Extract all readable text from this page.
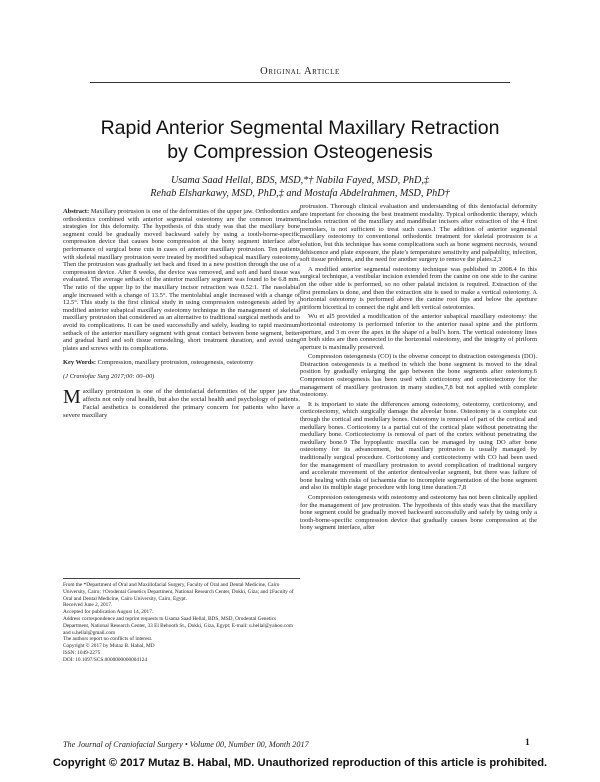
Original Article
Rapid Anterior Segmental Maxillary Retraction
by Compression Osteogenesis
Usama Saad Hellal, BDS, MSD,*† Nabila Fayed, MSD, PhD,‡
Rehab Elsharkawy, MSD, PhD,‡ and Mostafa Abdelrahmen, MSD, PhD†

Abstract: Maxillary protrusion is one of the deformities of the upper jaw. Orthodontics and orthodontics combined with anterior segmental osteotomy are the common treatment strategies for this deformity. The hypothesis of this study was that the maxillary bone segment could be gradually moved backward safely by using a tooth-borne-specific compression device that causes bone compression at the bony segment interface after performance of surgical bone cuts in cases of anterior maxillary protrusion. Ten patients with skeletal maxillary protrusion were treated by modified subapical maxillary osteotomy. Then the protrusion was gradually set back and fixed in a new position through the use of a compression device. After 8 weeks, the device was removed, and soft and hard tissue was evaluated. The average setback of the anterior maxillary segment was found to be 6.8 mm. The ratio of the upper lip to the maxillary incisor retraction was 0.52:1. The nasolabial angle increased with a change of 13.5°. The mentolabial angle increased with a change of 12.5°. This study is the first clinical study in using compression osteogenesis aided by a modified anterior subapical maxillary osteotomy technique in the management of skeletal maxillary protrusion that considered as an alternative to traditional surgical methods and to avoid its complications. It can be used successfully and safely, leading to rapid maximum setback of the anterior maxillary segment with great contact between bone segment, better and gradual hard and soft tissue remodeling, short treatment duration, and avoid using plates and screws with its complications.

Key Words: Compression, maxillary protrusion, osteogenesis, osteotomy
(J Craniofac Surg 2017;00: 00–00)
M axillary protrusion is one of the dentofacial deformities of the upper jaw that affects not only oral health, but also the social health and psychology of patients. Facial aesthetics is considered the primary concern for patients who have a severe maxillary
From the *Department of Oral and Maxillofacial Surgery, Faculty of Oral and Dental Medicine, Cairo University, Cairo; †Orodental Genetics Department, National Research Center, Dokki, Giza; and ‡Faculty of Oral and Dental Medicine, Cairo University, Cairo, Egypt.
Received June 2, 2017.
Accepted for publication August 14, 2017.
Address correspondence and reprint requests to Usama Saad Hellal, BDS, MSD, Orodental Genetics Department, National Research Center, 33 El Behooth St., Dokki, Giza, Egypt; E-mail: u.hellal@yahoo.com and u.hellal@gmail.com
The authors report no conflicts of interest.
Copyright © 2017 by Mutaz B. Habal, MD
ISSN: 1049-2275
DOI: 10.1097/SCS.0000000000004124

protrusion. Thorough clinical evaluation and understanding of this dentofacial deformity are important for choosing the best treatment modality. Typical orthodontic therapy, which includes retraction of the maxillary and mandibular incisors after extraction of the 4 first premolars, is not sufficient to treat such cases.1 The addition of anterior segmental maxillary osteotomy to conventional orthodontic treatment for skeletal protrusion is a solution, but this technique has some complications such as bone segment necrosis, wound dehiscence and plate exposure, the plate’s temperature sensitivity and palpability, infection, soft tissue problems, and the need for another surgery to remove the plates.2,3

A modified anterior segmental osteotomy technique was published in 2008.4 In this surgical technique, a vestibular incision extended from the canine on one side to the canine on the other side is performed, so no other palatal incision is required. Extraction of the first premolars is done, and then the extraction site is used to make a vertical osteotomy. A horizontal osteotomy is performed above the canine root tips and below the aperture piriform bicortical to connect the right and left vertical osteotomies.

Wu et al5 provided a modification of the anterior subapical maxillary osteotomy: the horizontal osteotomy is performed inferior to the anterior nasal spine and the piriform aperture, and 3 m over the apex in the shape of a bull’s horn. The vertical osteotomy lines on both sides are then connected to the horizontal osteotomy, and the integrity of piriform aperture is maximally preserved.

Compression osteogenesis (CO) is the obverse concept to distraction osteogenesis (DO). Distraction osteogenesis is a method in which the bone segment is moved to the ideal position by gradually enlarging the gap between the bone segments after osteotomy.6 Compression osteogenesis has been used with corticotomy and corticotectomy for the management of maxillary protrusion in many studies,7,8 but not applied with complete osteotomy.

It is important to state the differences among osteotomy, osteotomy, corticotomy, and corticotectomy, which surgically damage the alveolar bone. Osteotomy is a complete cut through the cortical and medullary bones. Osteotomy is removal of part of the cortical and medullary bones. Corticotomy is a partial cut of the cortical plate without penetrating the medullary bone. Corticotectomy is removal of part of the cortex without penetrating the medullary bone.9 The hypoplastic maxilla can be managed by using DO after bone osteotomy for its advancement, but maxillary protrusion is usually managed by traditionally surgical procedure. Corticotomy and corticotectomy with CO had been used for the management of maxillary protrusion to avoid complication of traditional surgery and accelerate movement of the anterior dentoalveolar segment, but there was failure of bone healing with risks of ischaemia due to incomplete segmentation of the bone segment and also its multiple stage procedure with long time duration.7,8

Compression osteogenesis with osteotomy and osteotomy has not been clinically applied for the management of jaw protrusion. The hypothesis of this study was that the maxillary bone segment could be gradually moved backward successfully and safely by using only a tooth-borne-specific compression device that gradually causes bone compression at the bony segment interface, after

The Journal of Craniofacial Surgery • Volume 00, Number 00, Month 2017	1
Copyright © 2017 Mutaz B. Habal, MD. Unauthorized reproduction of this article is prohibited.
